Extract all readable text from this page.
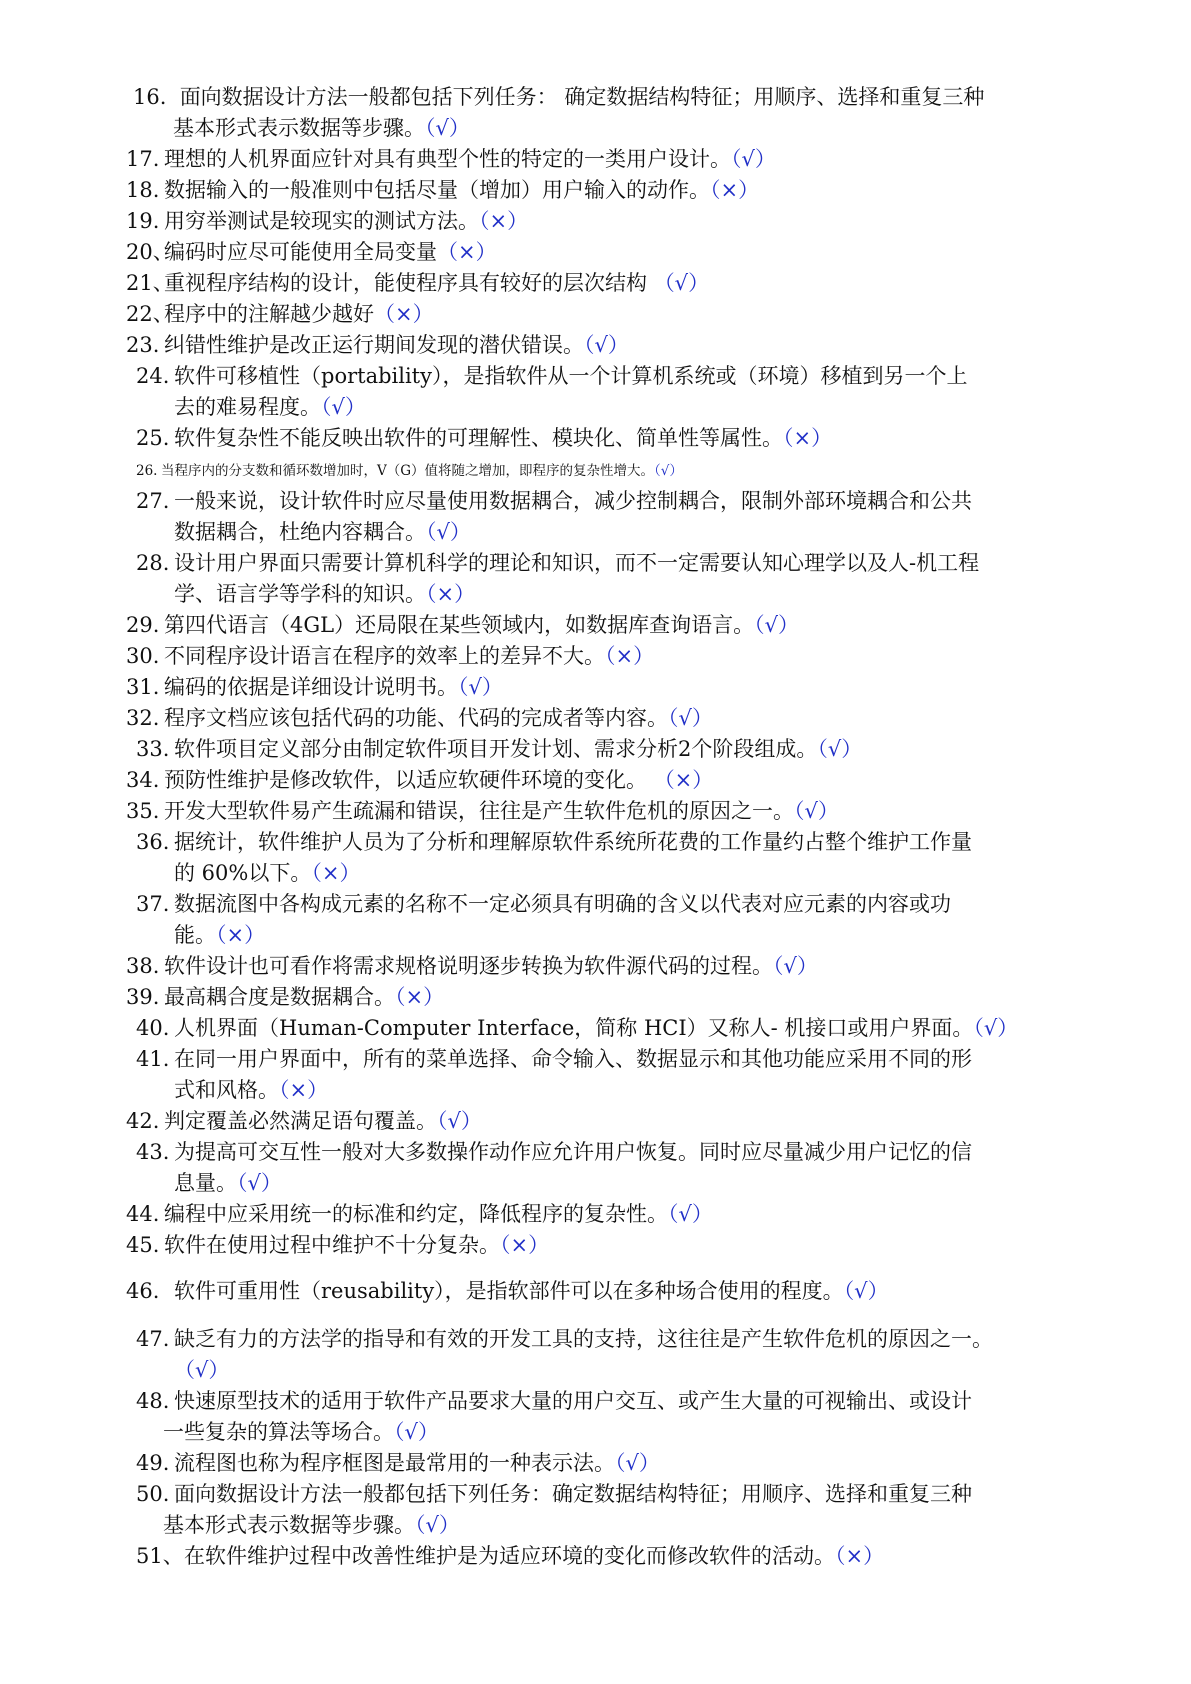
16. 面向数据设计方法一般都包括下列任务： 确定数据结构特征；用顺序、选择和重复三种
基本形式表示数据等步骤。（√）
17. 理想的人机界面应针对具有典型个性的特定的一类用户设计。（√）
18. 数据输入的一般准则中包括尽量（增加）用户输入的动作。（×）
19. 用穷举测试是较现实的测试方法。（×）
20、编码时应尽可能使用全局变量（×）
21、重视程序结构的设计，能使程序具有较好的层次结构 （√）
22、程序中的注解越少越好（×）
23. 纠错性维护是改正运行期间发现的潜伏错误。（√）
24. 软件可移植性（portability），是指软件从一个计算机系统或（环境）移植到另一个上
去的难易程度。（√）
25. 软件复杂性不能反映出软件的可理解性、模块化、简单性等属性。（×）
26. 当程序内的分支数和循环数增加时，V（G）值将随之增加，即程序的复杂性增大。（√）
27. 一般来说，设计软件时应尽量使用数据耦合，减少控制耦合，限制外部环境耦合和公共
数据耦合，杜绝内容耦合。（√）
28. 设计用户界面只需要计算机科学的理论和知识，而不一定需要认知心理学以及人-机工程
学、语言学等学科的知识。（×）
29. 第四代语言（4GL）还局限在某些领域内，如数据库查询语言。（√）
30. 不同程序设计语言在程序的效率上的差异不大。（×）
31. 编码的依据是详细设计说明书。（√）
32. 程序文档应该包括代码的功能、代码的完成者等内容。（√）
33. 软件项目定义部分由制定软件项目开发计划、需求分析2个阶段组成。（√）
34. 预防性维护是修改软件，以适应软硬件环境的变化。 （×）
35. 开发大型软件易产生疏漏和错误，往往是产生软件危机的原因之一。（√）
36. 据统计，软件维护人员为了分析和理解原软件系统所花费的工作量约占整个维护工作量
的 60%以下。（×）
37. 数据流图中各构成元素的名称不一定必须具有明确的含义以代表对应元素的内容或功
能。（×）
38. 软件设计也可看作将需求规格说明逐步转换为软件源代码的过程。（√）
39. 最高耦合度是数据耦合。（×）
40. 人机界面（Human-Computer Interface，简称 HCI）又称人- 机接口或用户界面。（√）
41. 在同一用户界面中，所有的菜单选择、命令输入、数据显示和其他功能应采用不同的形
式和风格。（×）
42. 判定覆盖必然满足语句覆盖。（√）
43. 为提高可交互性一般对大多数操作动作应允许用户恢复。同时应尽量减少用户记忆的信
息量。（√）
44. 编程中应采用统一的标准和约定，降低程序的复杂性。（√）
45. 软件在使用过程中维护不十分复杂。（×）
46. 软件可重用性（reusability），是指软部件可以在多种场合使用的程度。（√）
47. 缺乏有力的方法学的指导和有效的开发工具的支持，这往往是产生软件危机的原因之一。
（√）
48. 快速原型技术的适用于软件产品要求大量的用户交互、或产生大量的可视输出、或设计
一些复杂的算法等场合。（√）
49. 流程图也称为程序框图是最常用的一种表示法。（√）
50. 面向数据设计方法一般都包括下列任务：确定数据结构特征；用顺序、选择和重复三种
基本形式表示数据等步骤。（√）
51、在软件维护过程中改善性维护是为适应环境的变化而修改软件的活动。（×）
